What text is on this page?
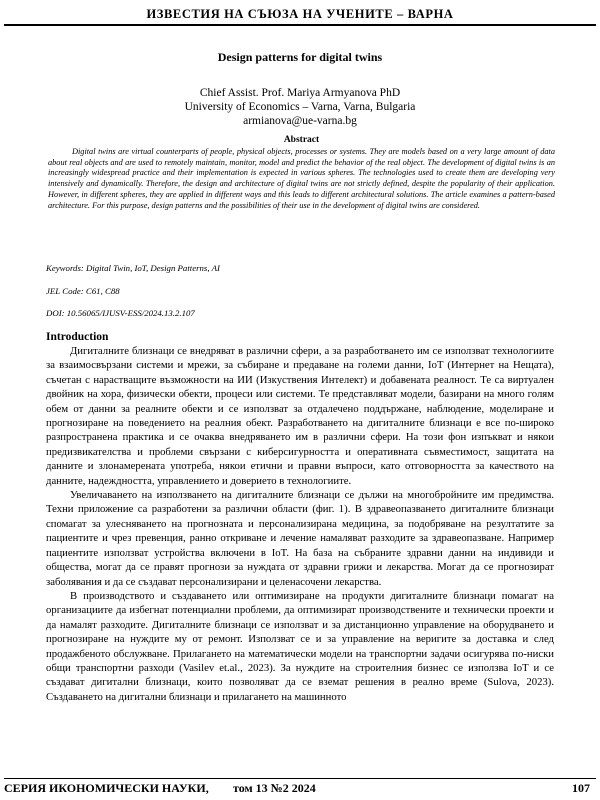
ИЗВЕСТИЯ НА СЪЮЗА НА УЧЕНИТЕ – ВАРНА

Design patterns for digital twins

Chief Assist. Prof. Mariya Armyanova PhD

University of Economics – Varna, Varna, Bulgaria

armianova@ue-varna.bg

Abstract

Digital twins are virtual counterparts of people, physical objects, processes or systems. They are models based on a very large amount of data about real objects and are used to remotely maintain, monitor, model and predict the behavior of the real object. The development of digital twins is an increasingly widespread practice and their implementation is expected in various spheres. The technologies used to create them are developing very intensively and dynamically. Therefore, the design and architecture of digital twins are not strictly defined, despite the popularity of their application. However, in different spheres, they are applied in different ways and this leads to different architectural solutions. The article examines a pattern-based architecture. For this purpose, design patterns and the possibilities of their use in the development of digital twins are considered.

Keywords: Digital Twin, IoT, Design Patterns, AI
JEL Code: C61, C88
DOI: 10.56065/IJUSV-ESS/2024.13.2.107

Introduction

Дигиталните близнаци се внедряват в различни сфери, а за разработването им се използват технологиите за взаимосвързани системи и мрежи, за събиране и предаване на големи данни, IoT (Интернет на Нещата), съчетан с нарастващите възможности на ИИ (Изкуствения Интелект) и добавената реалност. Те са виртуален двойник на хора, физически обекти, процеси или системи. Те представляват модели, базирани на много голям обем от данни за реалните обекти и се използват за отдалечено поддържане, наблюдение, моделиране и прогнозиране на поведението на реалния обект. Разработването на дигиталните близнаци е все по-широко разпространена практика и се очаква внедряването им в различни сфери. На този фон изпъкват и някои предизвикателства и проблеми свързани с киберсигурността и оперативната съвместимост, защитата на данните и злонамерената употреба, някои етични и правни въпроси, като отговорността за качеството на данните, надеждността, управлението и доверието в технологиите.

Увеличаването на използването на дигиталните близнаци се дължи на многобройните им предимства. Техни приложение са разработени за различни области (фиг. 1). В здравеопазването дигиталните близнаци спомагат за улесняването на прогнозната и персонализирана медицина, за подобряване на резултатите за пациентите и чрез превенция, ранно откриване и лечение намаляват разходите за здравеопазване. Например пациентите използват устройства включени в IoT. На база на събраните здравни данни на индивиди и общества, могат да се правят прогнози за нуждата от здравни грижи и лекарства. Могат да се прогнозират заболявания и да се създават персонализирани и целенасочени лекарства.

В производството и създаването или оптимизиране на продукти дигиталните близнаци помагат на организациите да избегнат потенциални проблеми, да оптимизират производствените и технически проекти и да намалят разходите. Дигиталните близнаци се използват и за дистанционно управление на оборудването и прогнозиране на нуждите му от ремонт. Използват се и за управление на веригите за доставка и след продажбеното обслужване. Прилагането на математически модели на транспортни задачи осигурява по-ниски общи транспортни разходи (Vasilev et.al., 2023). За нуждите на строителния бизнес се използва IoT и се създават дигитални близнаци, които позволяват да се вземат решения в реално време (Sulova, 2023). Създаването на дигитални близнаци и прилагането на машинното

СЕРИЯ ИКОНОМИЧЕСКИ НАУКИ, том 13 №2 2024	107
